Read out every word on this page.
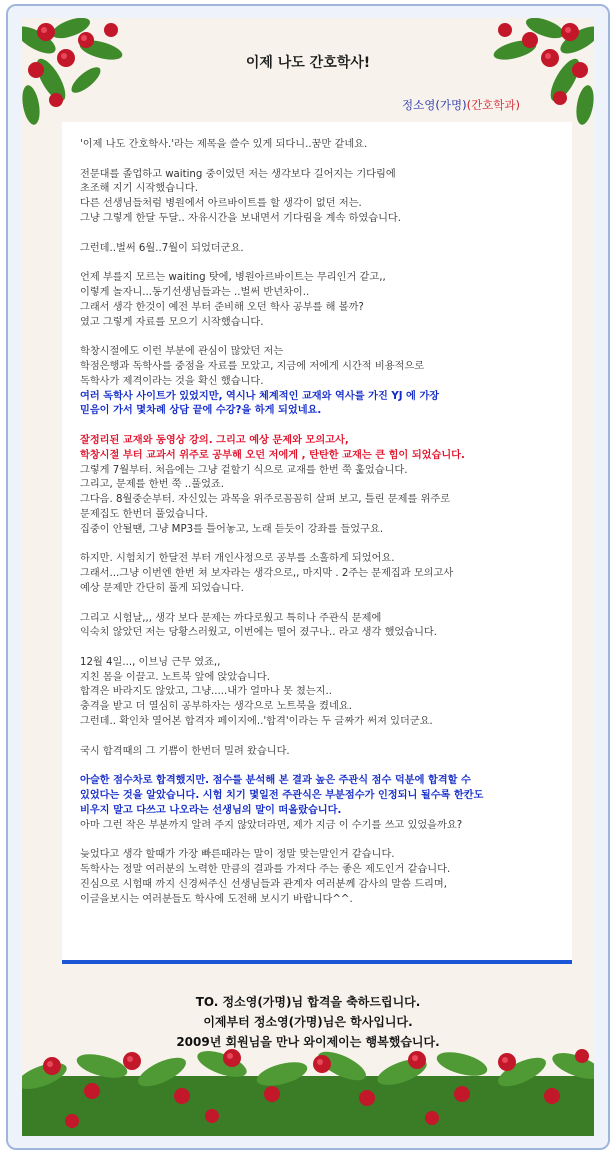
이제 나도 간호학사!
정소영(가명)(간호학과)

'이제 나도 간호학사.'라는 제목을 쓸수 있게 되다니..꿈만 같네요.

전문대를 졸업하고 waiting 중이었던 저는 생각보다 길어지는 기다림에
초조해 지기 시작했습니다.
다른 선생님들처럼 병원에서 아르바이트를 할 생각이 없던 저는.
그냥 그렇게 한달 두달.. 자유시간을 보내면서 기다림을 계속 하였습니다.

그런데..벌써 6월..7월이 되었더군요.

언제 부를지 모르는 waiting 탓에, 병원아르바이트는 무리인거 같고,,
이렇게 놀자니...동기선생님들과는 ..벌써 반년차이..
그래서 생각 한것이 예전 부터 준비해 오던 학사 공부를 해 볼까?
였고 그렇게 자료를 모으기 시작했습니다.

학창시절에도 이런 부분에 관심이 많았던 저는
학점은행과 독학사를 중점을 자료를 모았고, 지금에 저에게 시간적 비용적으로
독학사가 제격이라는 것을 확신 했습니다.
여러 독학사 사이트가 있었지만, 역시나 체계적인 교재와 역사를 가진 YJ 에 가장
믿음이 가서 몇차례 상담 끝에 수강?을 하게 되었네요.

잘정리된 교재와 동영상 강의. 그리고 예상 문제와 모의고사,
학창시절 부터 교과서 위주로 공부해 오던 저에게 , 탄탄한 교재는 큰 힘이 되었습니다.
그렇게 7월부터. 처음에는 그냥 겉할기 식으로 교재를 한번 쭉 훑었습니다.
그리고, 문제를 한번 쭉 ..풀었죠.
그다음. 8월중순부터. 자신있는 과목을 위주로꼼꼼히 살펴 보고, 틀린 문제를 위주로
문제집도 한번더 풀었습니다.
집중이 안될땐, 그냥 MP3를 틀어놓고, 노래 듣듯이 강좌를 들었구요.

하지만. 시험치기 한달전 부터 개인사정으로 공부를 소홀하게 되었어요.
그래서...그냥 이번엔 한번 쳐 보자라는 생각으로,, 마지막 . 2주는 문제집과 모의고사
예상 문제만 간단히 풀게 되었습니다.

그리고 시험날,,, 생각 보다 문제는 까다로웠고 특히나 주관식 문제에
익숙치 않았던 저는 당황스러웠고, 이번에는 떨어 졌구나.. 라고 생각 했었습니다.

12월 4일..., 이브닝 근무 였죠,,
지친 몸을 이끌고. 노트북 앞에 앉았습니다.
합격은 바라지도 않았고, 그냥.....내가 얼마나 못 쳤는지..
충격을 받고 더 열심히 공부하자는 생각으로 노트북을 켰네요.
그런데.. 확인차 열어본 합격자 페이지에..'합격'이라는 두 글짜가 써져 있더군요.

국시 합격때의 그 기쁨이 한번더 밀려 왔습니다.

아슬한 점수차로 합격했지만. 점수를 분석해 본 결과 높은 주관식 점수 덕분에 합격할 수
있었다는 것을 알았습니다. 시험 치기 몇일전 주관식은 부분점수가 인정되니 될수록 한칸도
비우지 말고 다쓰고 나오라는 선생님의 말이 떠올랐습니다.
아마 그런 작은 부분까지 알려 주지 않았더라면, 제가 지금 이 수기를 쓰고 있었을까요?

늦었다고 생각 할때가 가장 빠른때라는 말이 정말 맞는말인거 같습니다.
독학사는 정말 여러분의 노력한 만큼의 결과를 가져다 주는 좋은 제도인거 같습니다.
진심으로 시험때 까지 신경써주신 선생님들과 관계자 여러분께 감사의 말씀 드리며,
이글을보시는 여러분들도 학사에 도전해 보시기 바랍니다^^.

TO. 정소영(가명)님 합격을 축하드립니다.
이제부터 정소영(가명)님은 학사입니다.
2009년 회원님을 만나 와이제이는 행복했습니다.
